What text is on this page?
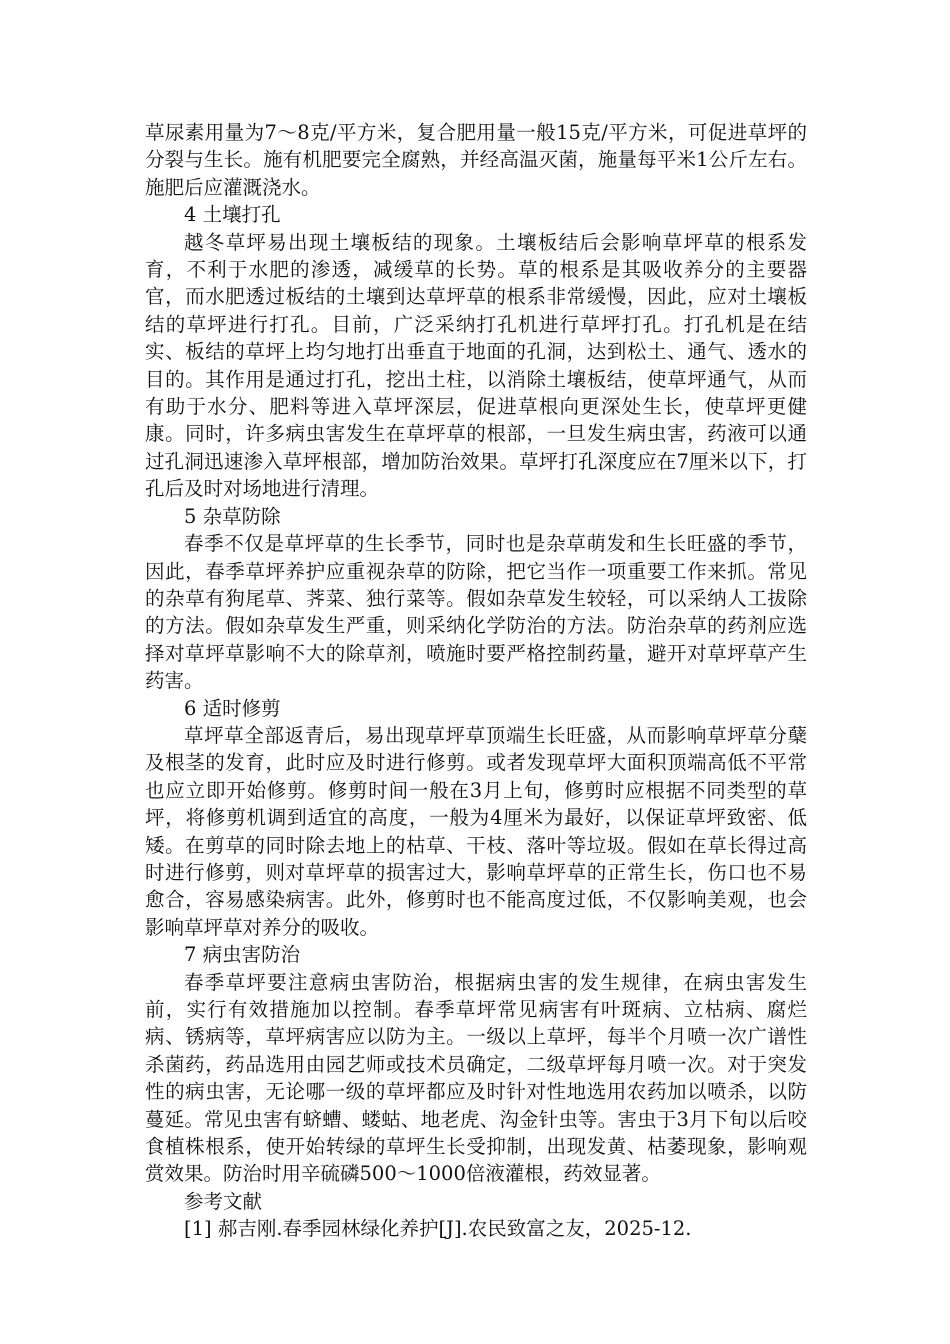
草尿素用量为7～8克/平方米，复合肥用量一般15克/平方米，可促进草坪的分裂与生长。施有机肥要完全腐熟，并经高温灭菌，施量每平米1公斤左右。施肥后应灌溉浇水。

4 土壤打孔

越冬草坪易出现土壤板结的现象。土壤板结后会影响草坪草的根系发育，不利于水肥的渗透，减缓草的长势。草的根系是其吸收养分的主要器官，而水肥透过板结的土壤到达草坪草的根系非常缓慢，因此，应对土壤板结的草坪进行打孔。目前，广泛采纳打孔机进行草坪打孔。打孔机是在结实、板结的草坪上均匀地打出垂直于地面的孔洞，达到松土、通气、透水的目的。其作用是通过打孔，挖出土柱，以消除土壤板结，使草坪通气，从而有助于水分、肥料等进入草坪深层，促进草根向更深处生长，使草坪更健康。同时，许多病虫害发生在草坪草的根部，一旦发生病虫害，药液可以通过孔洞迅速渗入草坪根部，增加防治效果。草坪打孔深度应在7厘米以下，打孔后及时对场地进行清理。

5 杂草防除

春季不仅是草坪草的生长季节，同时也是杂草萌发和生长旺盛的季节，因此，春季草坪养护应重视杂草的防除，把它当作一项重要工作来抓。常见的杂草有狗尾草、荠菜、独行菜等。假如杂草发生较轻，可以采纳人工拔除的方法。假如杂草发生严重，则采纳化学防治的方法。防治杂草的药剂应选择对草坪草影响不大的除草剂，喷施时要严格控制药量，避开对草坪草产生药害。

6 适时修剪

草坪草全部返青后，易出现草坪草顶端生长旺盛，从而影响草坪草分蘖及根茎的发育，此时应及时进行修剪。或者发现草坪大面积顶端高低不平常也应立即开始修剪。修剪时间一般在3月上旬，修剪时应根据不同类型的草坪，将修剪机调到适宜的高度，一般为4厘米为最好，以保证草坪致密、低矮。在剪草的同时除去地上的枯草、干枝、落叶等垃圾。假如在草长得过高时进行修剪，则对草坪草的损害过大，影响草坪草的正常生长，伤口也不易愈合，容易感染病害。此外，修剪时也不能高度过低，不仅影响美观，也会影响草坪草对养分的吸收。

7 病虫害防治

春季草坪要注意病虫害防治，根据病虫害的发生规律，在病虫害发生前，实行有效措施加以控制。春季草坪常见病害有叶斑病、立枯病、腐烂病、锈病等，草坪病害应以防为主。一级以上草坪，每半个月喷一次广谱性杀菌药，药品选用由园艺师或技术员确定，二级草坪每月喷一次。对于突发性的病虫害，无论哪一级的草坪都应及时针对性地选用农药加以喷杀，以防蔓延。常见虫害有蛴螬、蝼蛄、地老虎、沟金针虫等。害虫于3月下旬以后咬食植株根系，使开始转绿的草坪生长受抑制，出现发黄、枯萎现象，影响观赏效果。防治时用辛硫磷500～1000倍液灌根，药效显著。

参考文献

[1] 郝吉刚.春季园林绿化养护[J].农民致富之友，2025-12.
